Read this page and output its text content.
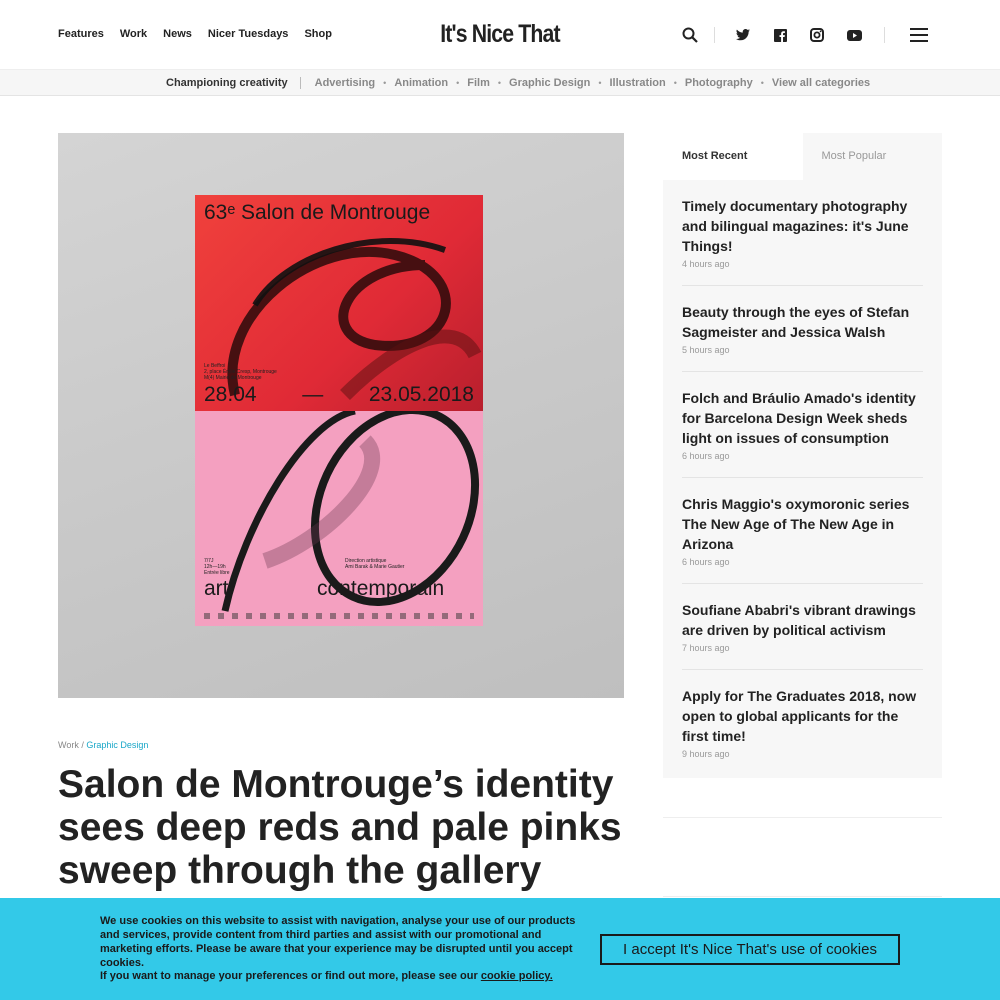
Features Work News Nicer Tuesdays Shop	It's Nice That
Championing creativity Advertising • Animation • Film • Graphic Design • Illustration • Photography • View all categories
63ᵉ Salon de Montrouge
Le Beffroi
2, place Émile Cresp, Montrouge
M(4) Mairie de Montrouge
28.04 — 23.05.2018
7/7J
12h—19h
Entrée libre
Direction artistique
Ami Barak & Marie Gautier
art	contemporain
Work / Graphic Design
Salon de Montrouge’s identity sees deep reds and pale pinks sweep through the gallery
Most Recent	Most Popular
Timely documentary photography and bilingual magazines: it's June Things!
4 hours ago
Beauty through the eyes of Stefan Sagmeister and Jessica Walsh
5 hours ago
Folch and Bráulio Amado's identity for Barcelona Design Week sheds light on issues of consumption
6 hours ago
Chris Maggio's oxymoronic series The New Age of The New Age in Arizona
6 hours ago
Soufiane Ababri's vibrant drawings are driven by political activism
7 hours ago
Apply for The Graduates 2018, now open to global applicants for the first time!
9 hours ago
We use cookies on this website to assist with navigation, analyse your use of our products and services, provide content from third parties and assist with our promotional and marketing efforts. Please be aware that your experience may be disrupted until you accept cookies.
If you want to manage your preferences or find out more, please see our cookie policy.
I accept It's Nice That's use of cookies
